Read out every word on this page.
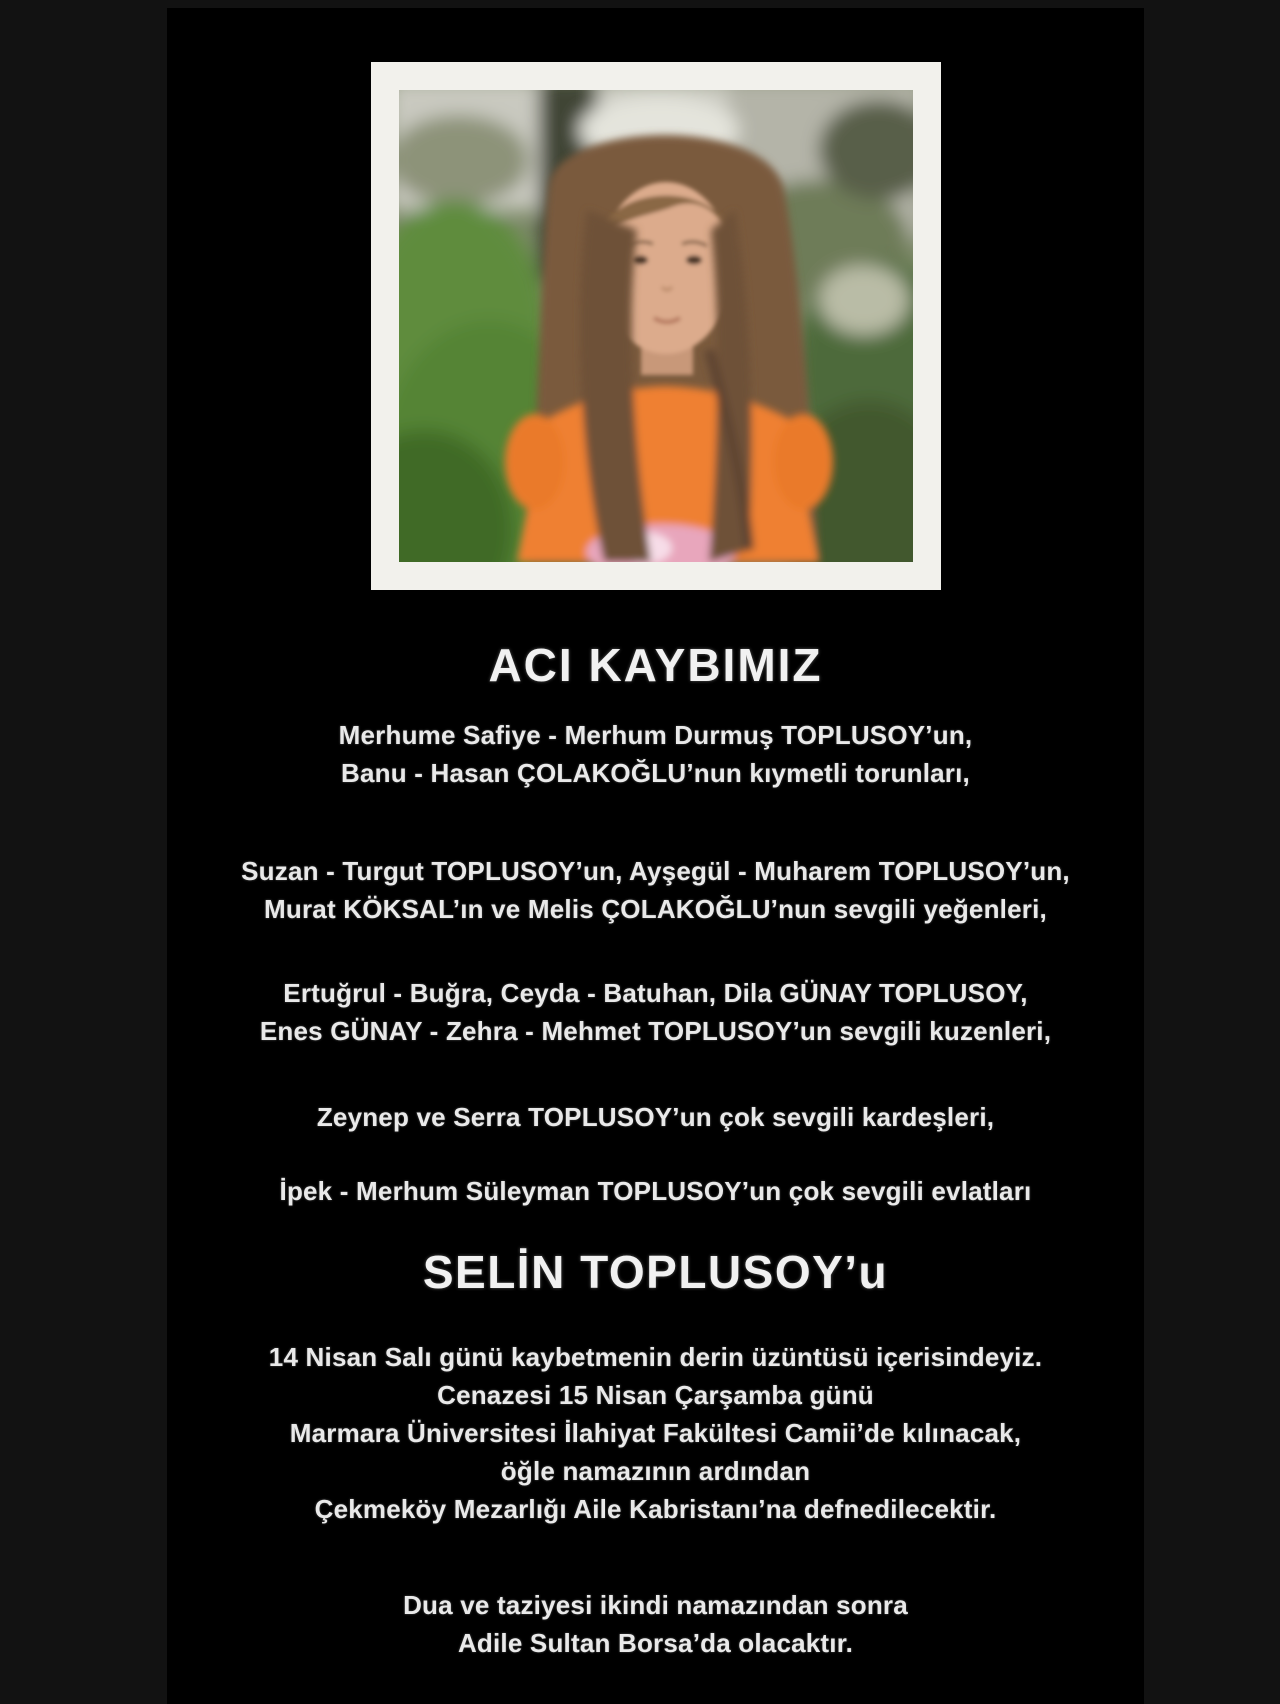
ACI KAYBIMIZ

Merhume Safiye - Merhum Durmuş TOPLUSOY’un,
Banu - Hasan ÇOLAKOĞLU’nun kıymetli torunları,

Suzan - Turgut TOPLUSOY’un, Ayşegül - Muharem TOPLUSOY’un,
Murat KÖKSAL’ın ve Melis ÇOLAKOĞLU’nun sevgili yeğenleri,

Ertuğrul - Buğra, Ceyda - Batuhan, Dila GÜNAY TOPLUSOY,
Enes GÜNAY - Zehra - Mehmet TOPLUSOY’un sevgili kuzenleri,

Zeynep ve Serra TOPLUSOY’un çok sevgili kardeşleri,

İpek - Merhum Süleyman TOPLUSOY’un çok sevgili evlatları

SELİN TOPLUSOY’u

14 Nisan Salı günü kaybetmenin derin üzüntüsü içerisindeyiz.
Cenazesi 15 Nisan Çarşamba günü
Marmara Üniversitesi İlahiyat Fakültesi Camii’de kılınacak,
öğle namazının ardından
Çekmeköy Mezarlığı Aile Kabristanı’na defnedilecektir.

Dua ve taziyesi ikindi namazından sonra
Adile Sultan Borsa’da olacaktır.
